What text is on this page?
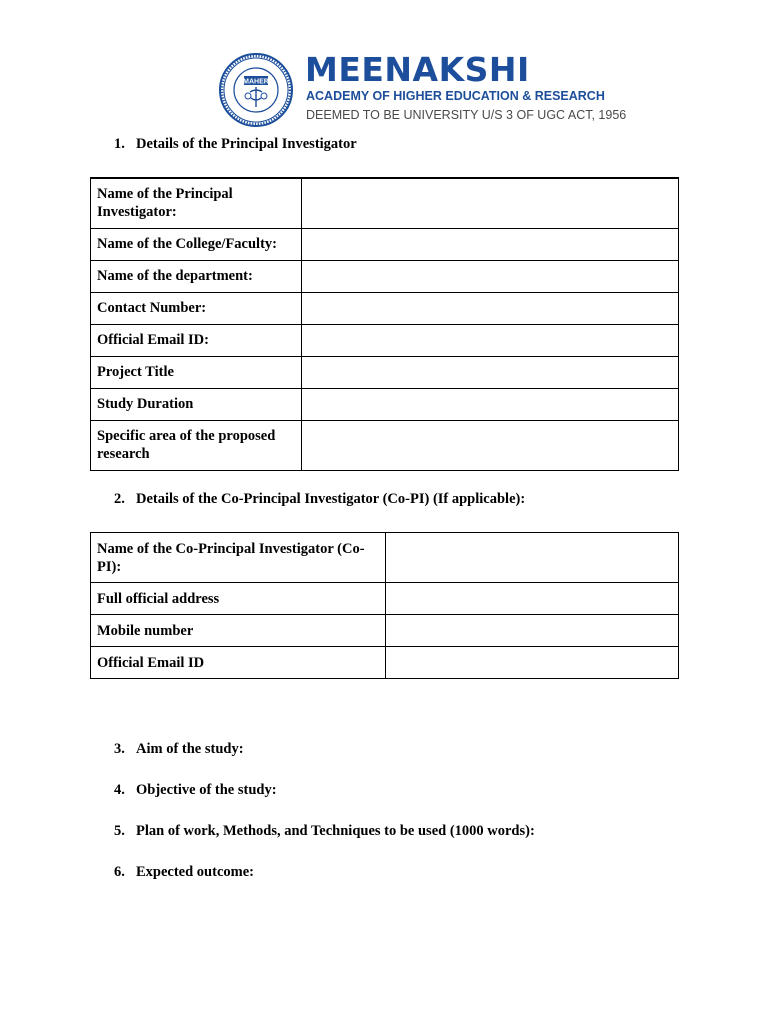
MAHER MEENAKSHI
ACADEMY OF HIGHER EDUCATION & RESEARCH
DEEMED TO BE UNIVERSITY U/S 3 OF UGC ACT, 1956
1. Details of the Principal Investigator
Name of the Principal Investigator:	
Name of the College/Faculty:	
Name of the department:	
Contact Number:	
Official Email ID:	
Project Title	
Study Duration	
Specific area of the proposed research	
2. Details of the Co-Principal Investigator (Co-PI) (If applicable):
Name of the Co-Principal Investigator (Co-PI):	
Full official address	
Mobile number	
Official Email ID	
3. Aim of the study:
4. Objective of the study:
5. Plan of work, Methods, and Techniques to be used (1000 words):
6. Expected outcome:
